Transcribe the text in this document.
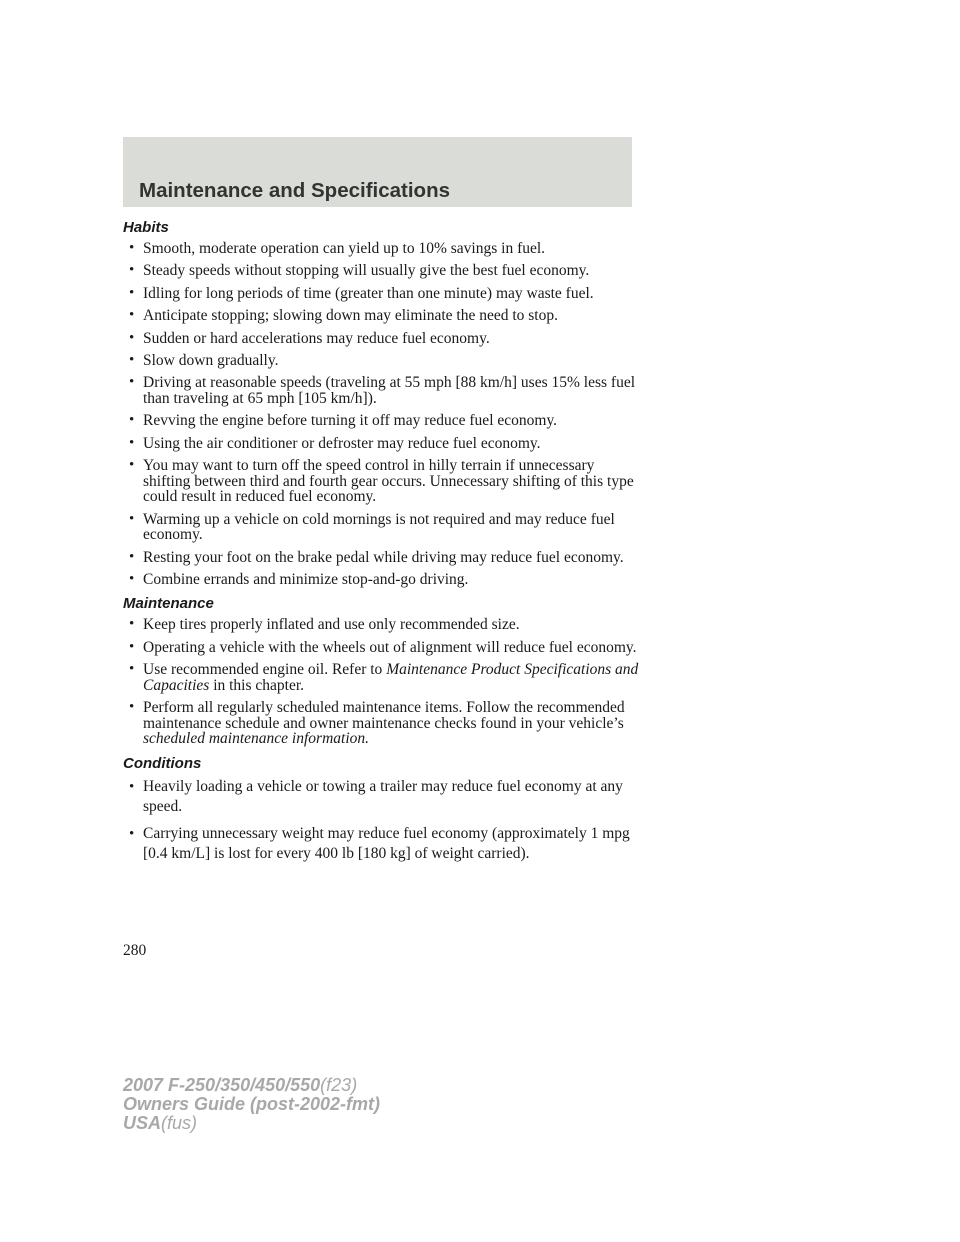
Maintenance and Specifications
Habits
• Smooth, moderate operation can yield up to 10% savings in fuel.
• Steady speeds without stopping will usually give the best fuel economy.
• Idling for long periods of time (greater than one minute) may waste fuel.
• Anticipate stopping; slowing down may eliminate the need to stop.
• Sudden or hard accelerations may reduce fuel economy.
• Slow down gradually.
• Driving at reasonable speeds (traveling at 55 mph [88 km/h] uses 15% less fuel than traveling at 65 mph [105 km/h]).
• Revving the engine before turning it off may reduce fuel economy.
• Using the air conditioner or defroster may reduce fuel economy.
• You may want to turn off the speed control in hilly terrain if unnecessary shifting between third and fourth gear occurs. Unnecessary shifting of this type could result in reduced fuel economy.
• Warming up a vehicle on cold mornings is not required and may reduce fuel economy.
• Resting your foot on the brake pedal while driving may reduce fuel economy.
• Combine errands and minimize stop-and-go driving.
Maintenance
• Keep tires properly inflated and use only recommended size.
• Operating a vehicle with the wheels out of alignment will reduce fuel economy.
• Use recommended engine oil. Refer to Maintenance Product Specifications and Capacities in this chapter.
• Perform all regularly scheduled maintenance items. Follow the recommended maintenance schedule and owner maintenance checks found in your vehicle’s scheduled maintenance information.
Conditions
• Heavily loading a vehicle or towing a trailer may reduce fuel economy at any speed.
• Carrying unnecessary weight may reduce fuel economy (approximately 1 mpg [0.4 km/L] is lost for every 400 lb [180 kg] of weight carried).
280
2007 F-250/350/450/550(f23)
Owners Guide (post-2002-fmt)
USA(fus)
